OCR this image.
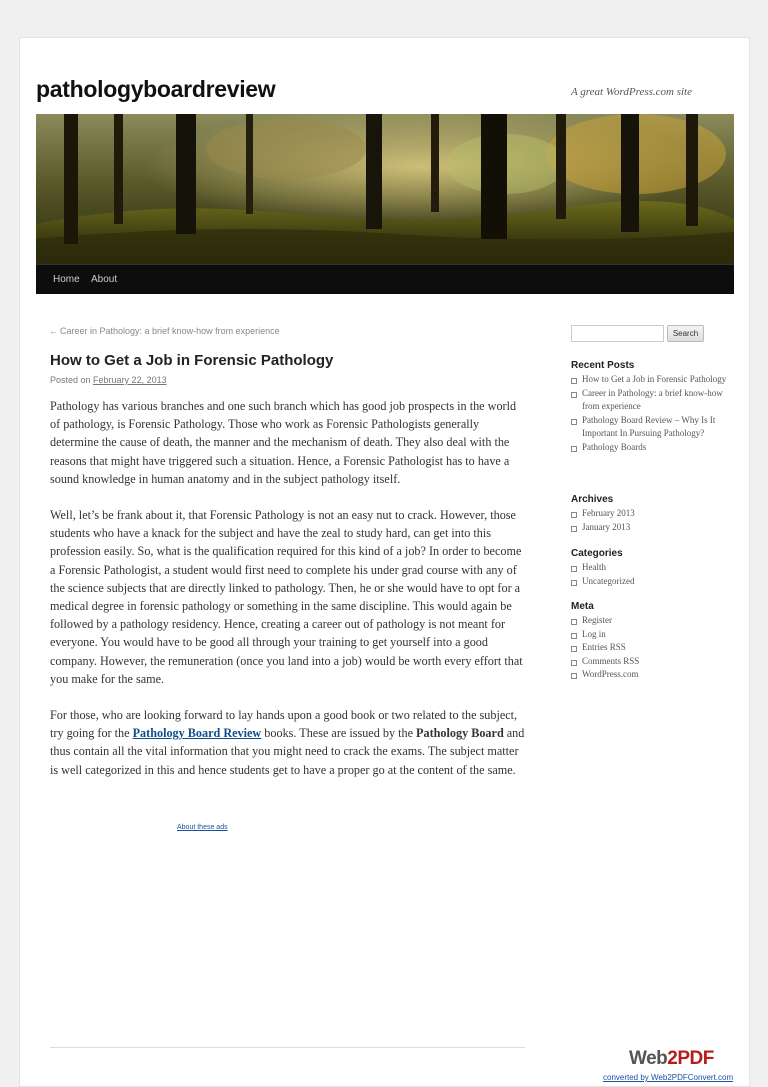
pathologyboardreview	A great WordPress.com site
Home About
← Career in Pathology: a brief know-how from experience
How to Get a Job in Forensic Pathology
Posted on February 22, 2013

Pathology has various branches and one such branch which has good job prospects in the world of pathology, is Forensic Pathology. Those who work as Forensic Pathologists generally determine the cause of death, the manner and the mechanism of death. They also deal with the reasons that might have triggered such a situation. Hence, a Forensic Pathologist has to have a sound knowledge in human anatomy and in the subject pathology itself.

Well, let’s be frank about it, that Forensic Pathology is not an easy nut to crack. However, those students who have a knack for the subject and have the zeal to study hard, can get into this profession easily. So, what is the qualification required for this kind of a job? In order to become a Forensic Pathologist, a student would first need to complete his under grad course with any of the science subjects that are directly linked to pathology. Then, he or she would have to opt for a medical degree in forensic pathology or something in the same discipline. This would again be followed by a pathology residency. Hence, creating a career out of pathology is not meant for everyone. You would have to be good all through your training to get yourself into a good company. However, the remuneration (once you land into a job) would be worth every effort that you make for the same.

For those, who are looking forward to lay hands upon a good book or two related to the subject, try going for the Pathology Board Review books. These are issued by the Pathology Board and thus contain all the vital information that you might need to crack the exams. The subject matter is well categorized in this and hence students get to have a proper go at the content of the same.

About these ads
Search
Recent Posts
How to Get a Job in Forensic Pathology
Career in Pathology: a brief know-how from experience
Pathology Board Review – Why Is It Important In Pursuing Pathology?
Pathology Boards
Archives
February 2013
January 2013
Categories
Health
Uncategorized
Meta
Register
Log in
Entries RSS
Comments RSS
WordPress.com
Web2PDF
converted by Web2PDFConvert.com
